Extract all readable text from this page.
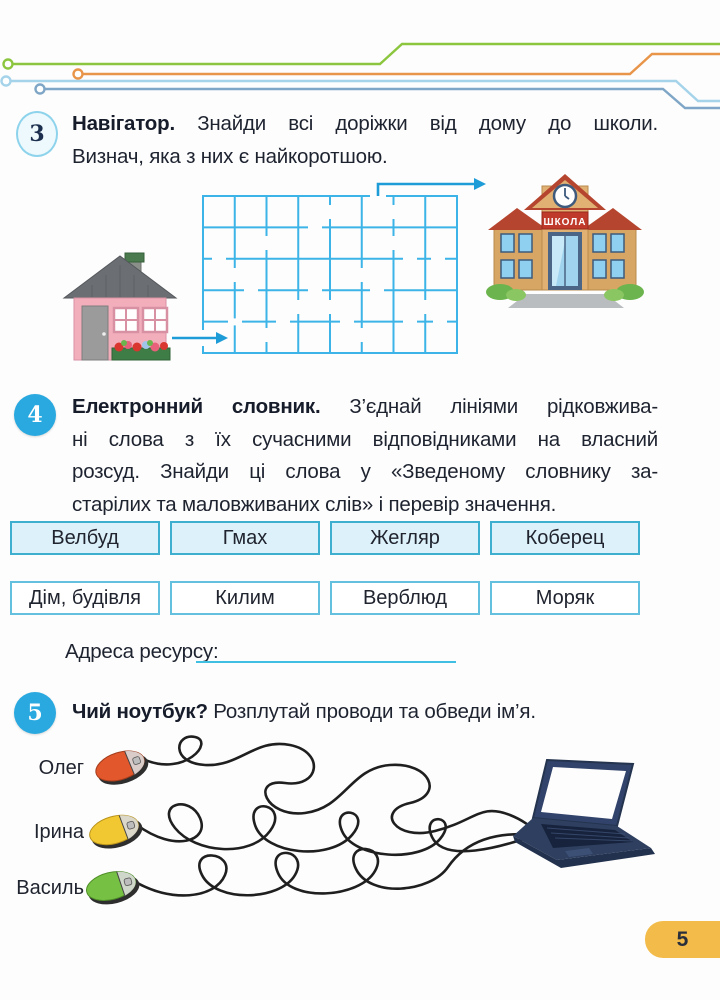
3 Навігатор. Знайди всі доріжки від дому до школи.
Визнач, яка з них є найкоротшою.
ШКОЛА
4 Електронний словник. З’єднай лініями рідковжива-
ні слова з їх сучасними відповідниками на власний
розсуд. Знайди ці слова у «Зведеному словнику за-
старілих та маловживаних слів» і перевір значення.
Велбуд	Гмах	Жегляр	Коберец
Дім, будівля	Килим	Верблюд	Моряк
Адреса ресурсу:
5 Чий ноутбук? Розплутай проводи та обведи ім’я.
Олег
Ірина
Василь
5
